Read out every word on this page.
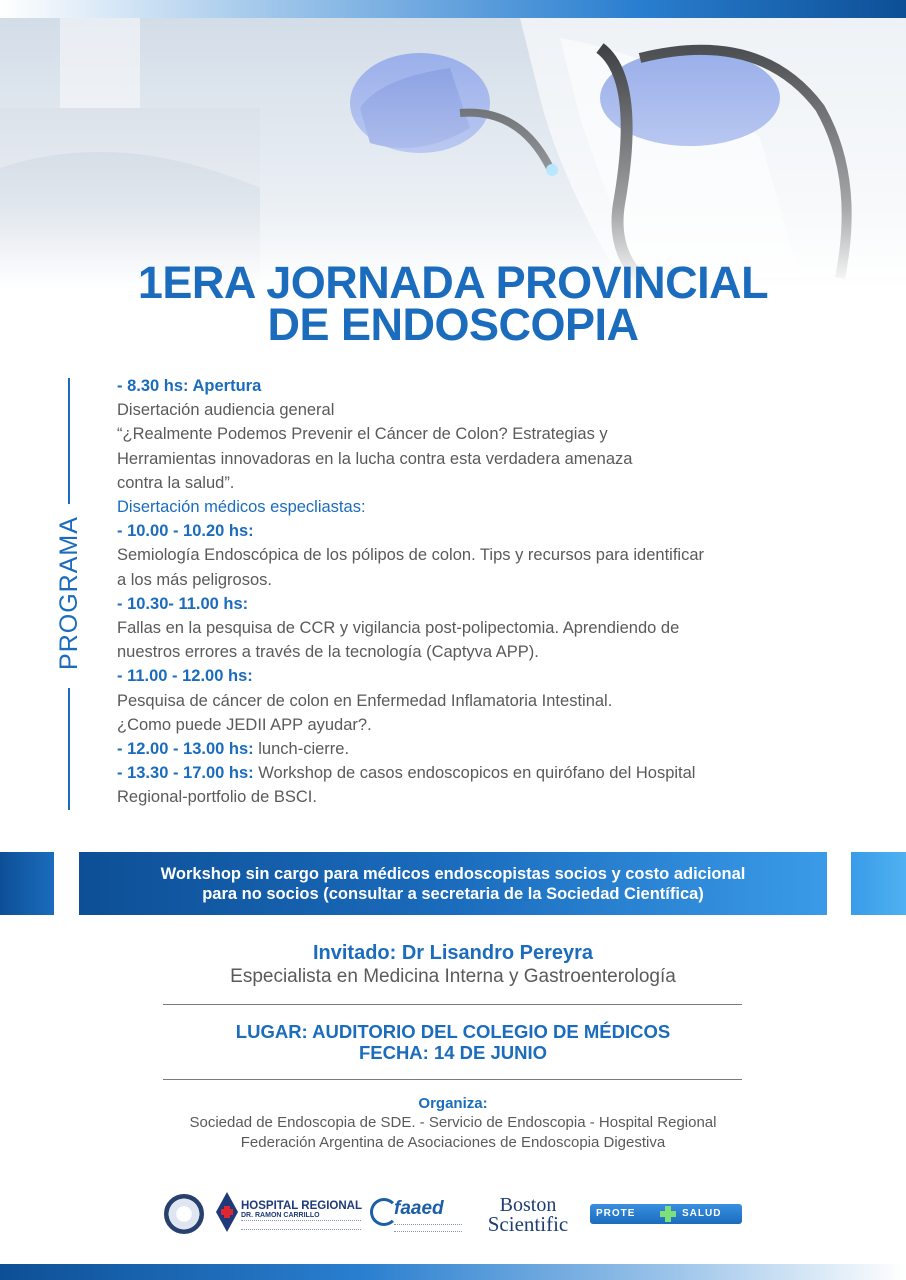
1ERA JORNADA PROVINCIAL
DE ENDOSCOPIA
PROGRAMA

- 8.30 hs: Apertura

Disertación audiencia general

“¿Realmente Podemos Prevenir el Cáncer de Colon? Estrategias y

Herramientas innovadoras en la lucha contra esta verdadera amenaza

contra la salud”.

Disertación médicos especliastas:

- 10.00 - 10.20 hs:

Semiología Endoscópica de los pólipos de colon. Tips y recursos para identificar

a los más peligrosos.

- 10.30- 11.00 hs:

Fallas en la pesquisa de CCR y vigilancia post-polipectomia. Aprendiendo de

nuestros errores a través de la tecnología (Captyva APP).

- 11.00 - 12.00 hs:

Pesquisa de cáncer de colon en Enfermedad Inflamatoria Intestinal.

¿Como puede JEDII APP ayudar?.

- 12.00 - 13.00 hs: lunch-cierre.

- 13.30 - 17.00 hs: Workshop de casos endoscopicos en quirófano del Hospital

Regional-portfolio de BSCI.

Workshop sin cargo para médicos endoscopistas socios y costo adicional
para no socios (consultar a secretaria de la Sociedad Científica)
Invitado: Dr Lisandro Pereyra
Especialista en Medicina Interna y Gastroenterología
LUGAR: AUDITORIO DEL COLEGIO DE MÉDICOS
FECHA: 14 DE JUNIO
Organiza:
Sociedad de Endoscopia de SDE. - Servicio de Endoscopia - Hospital Regional
Federación Argentina de Asociaciones de Endoscopia Digestiva
HOSPITAL REGIONAL
DR. RAMON CARRILLO	faaed	Boston
Scientific	PROTE	SALUD
